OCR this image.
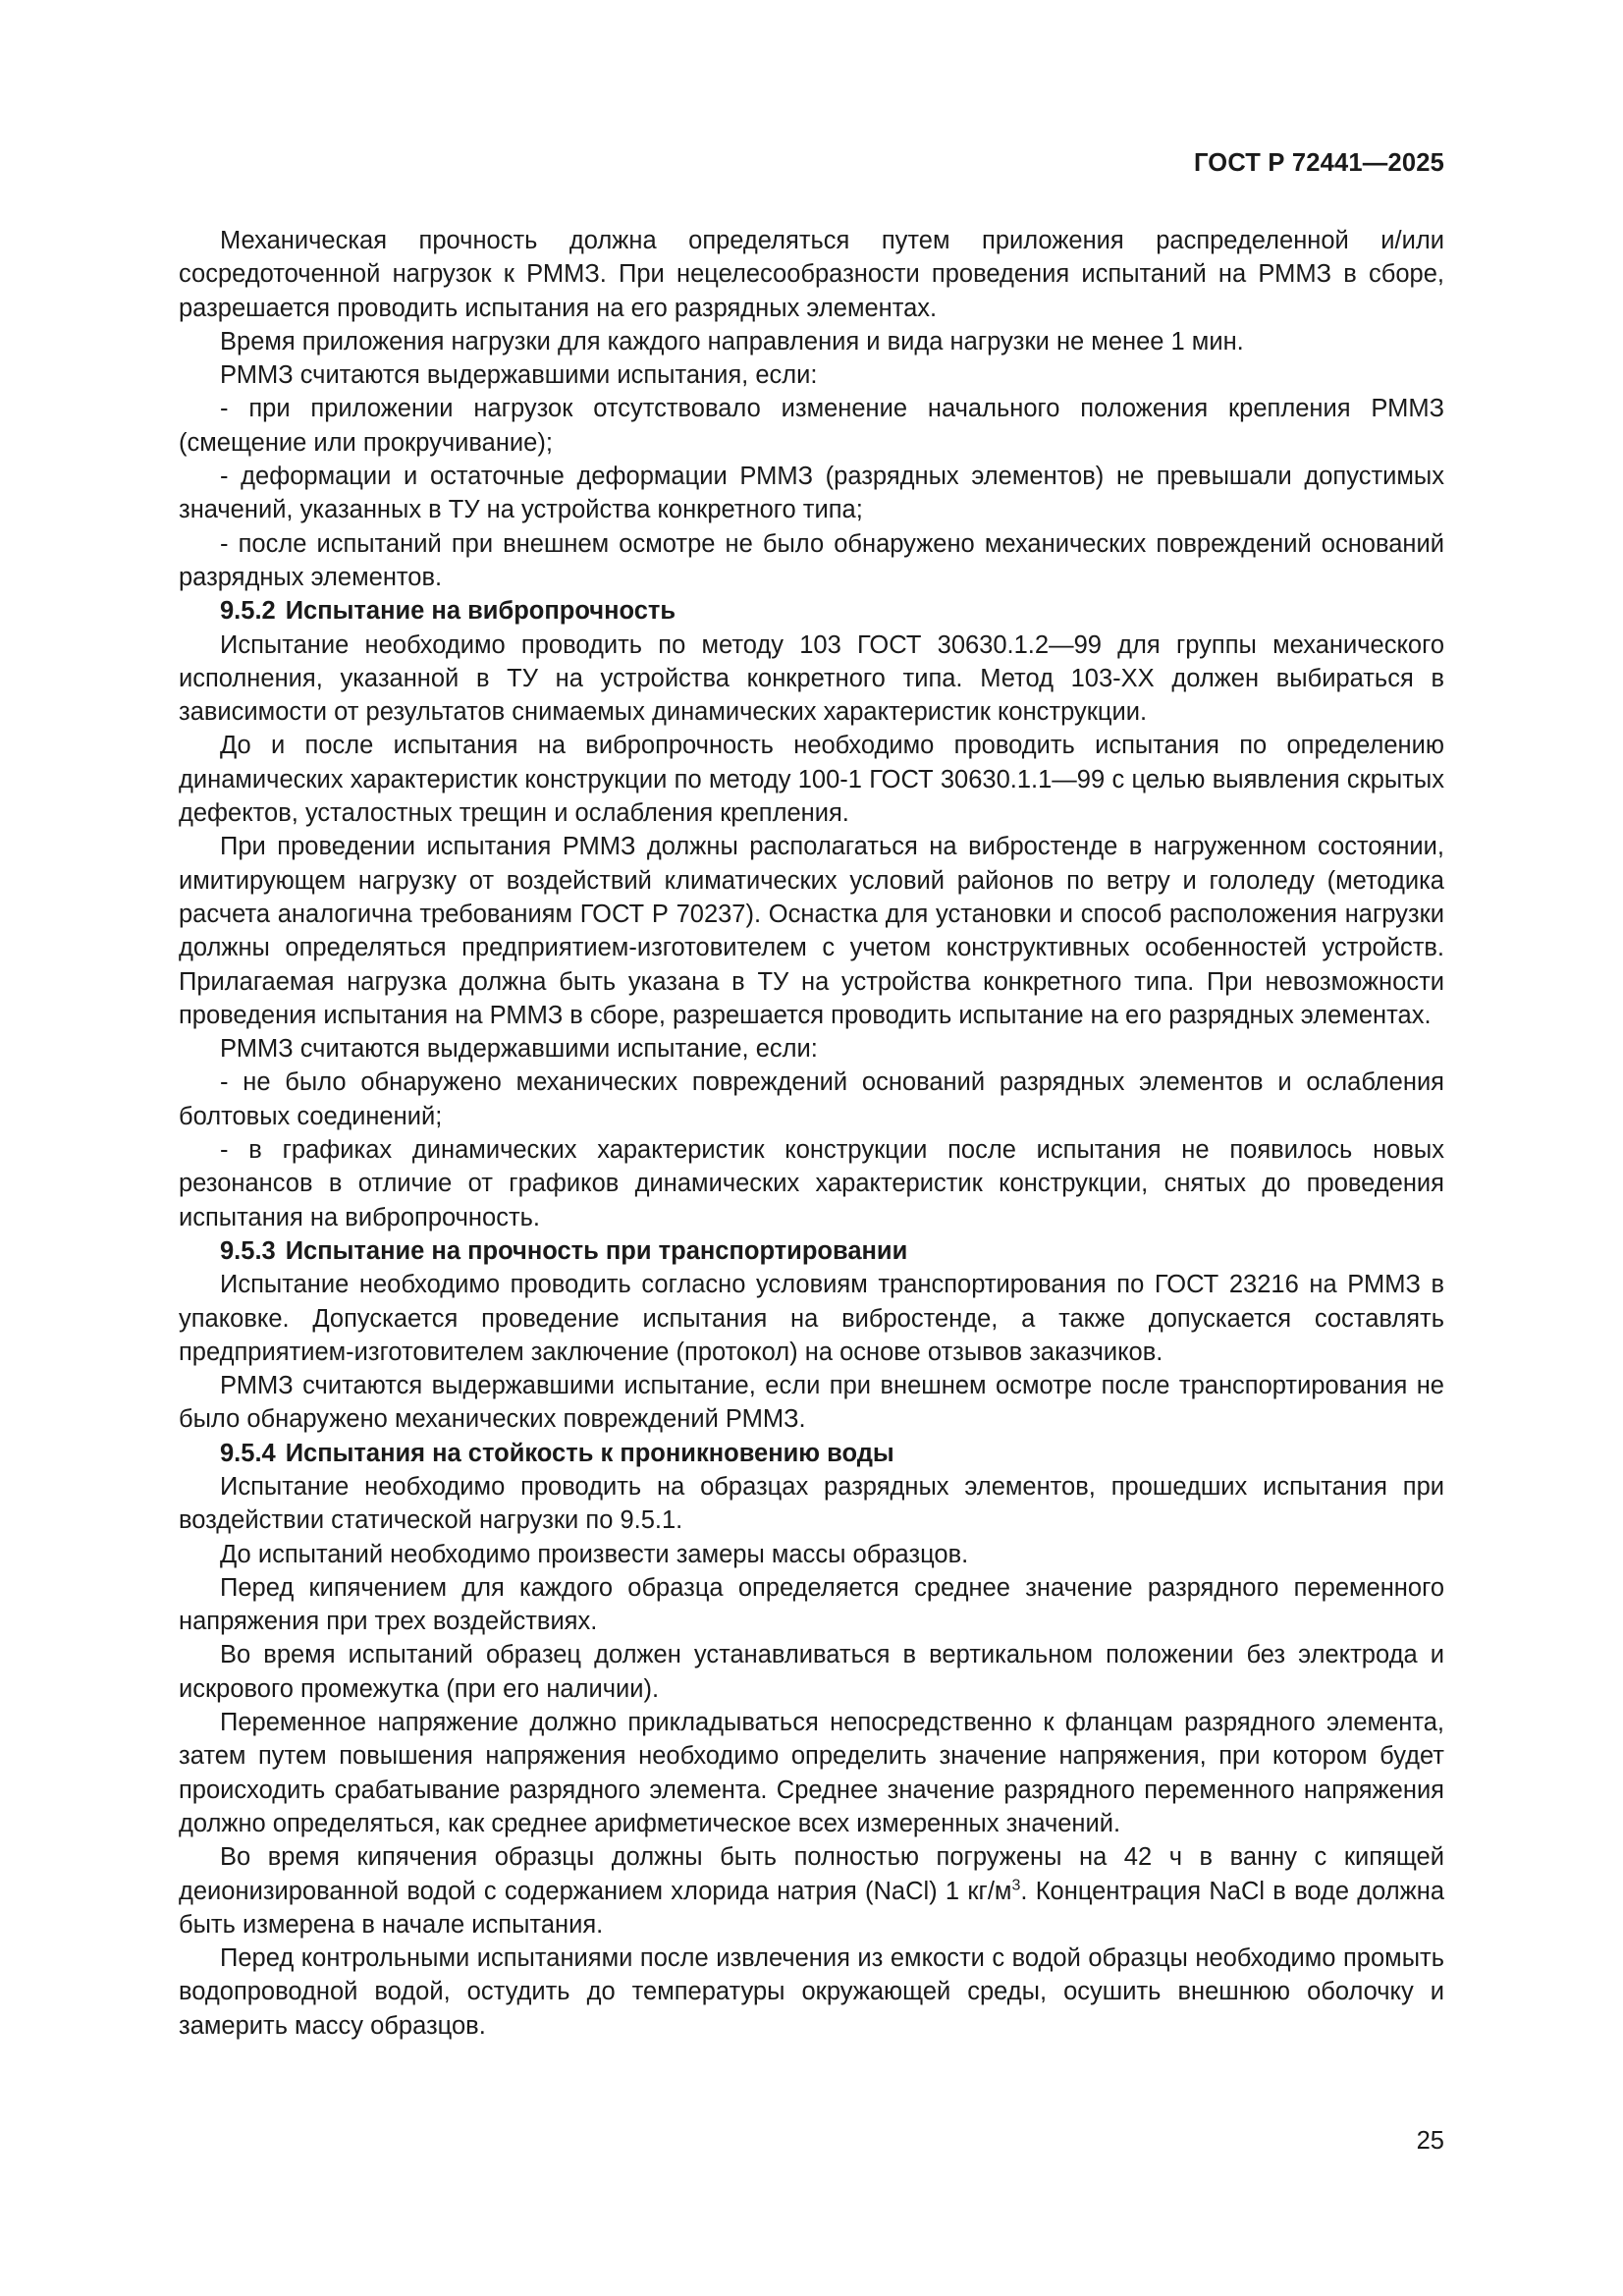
ГОСТ Р 72441—2025

Механическая прочность должна определяться путем приложения распределенной и/или сосредоточенной нагрузок к РММЗ. При нецелесообразности проведения испытаний на РММЗ в сборе, разрешается проводить испытания на его разрядных элементах.

Время приложения нагрузки для каждого направления и вида нагрузки не менее 1 мин.

РММЗ считаются выдержавшими испытания, если:

- при приложении нагрузок отсутствовало изменение начального положения крепления РММЗ (смещение или прокручивание);

- деформации и остаточные деформации РММЗ (разрядных элементов) не превышали допустимых значений, указанных в ТУ на устройства конкретного типа;

- после испытаний при внешнем осмотре не было обнаружено механических повреждений оснований разрядных элементов.

9.5.2 Испытание на вибропрочность

Испытание необходимо проводить по методу 103 ГОСТ 30630.1.2—99 для группы механического исполнения, указанной в ТУ на устройства конкретного типа. Метод 103-ХХ должен выбираться в зависимости от результатов снимаемых динамических характеристик конструкции.

До и после испытания на вибропрочность необходимо проводить испытания по определению динамических характеристик конструкции по методу 100-1 ГОСТ 30630.1.1—99 с целью выявления скрытых дефектов, усталостных трещин и ослабления крепления.

При проведении испытания РММЗ должны располагаться на вибростенде в нагруженном состоянии, имитирующем нагрузку от воздействий климатических условий районов по ветру и гололеду (методика расчета аналогична требованиям ГОСТ Р 70237). Оснастка для установки и способ расположения нагрузки должны определяться предприятием-изготовителем с учетом конструктивных особенностей устройств. Прилагаемая нагрузка должна быть указана в ТУ на устройства конкретного типа. При невозможности проведения испытания на РММЗ в сборе, разрешается проводить испытание на его разрядных элементах.

РММЗ считаются выдержавшими испытание, если:

- не было обнаружено механических повреждений оснований разрядных элементов и ослабления болтовых соединений;

- в графиках динамических характеристик конструкции после испытания не появилось новых резонансов в отличие от графиков динамических характеристик конструкции, снятых до проведения испытания на вибропрочность.

9.5.3 Испытание на прочность при транспортировании

Испытание необходимо проводить согласно условиям транспортирования по ГОСТ 23216 на РММЗ в упаковке. Допускается проведение испытания на вибростенде, а также допускается составлять предприятием-изготовителем заключение (протокол) на основе отзывов заказчиков.

РММЗ считаются выдержавшими испытание, если при внешнем осмотре после транспортирования не было обнаружено механических повреждений РММЗ.

9.5.4 Испытания на стойкость к проникновению воды

Испытание необходимо проводить на образцах разрядных элементов, прошедших испытания при воздействии статической нагрузки по 9.5.1.

До испытаний необходимо произвести замеры массы образцов.

Перед кипячением для каждого образца определяется среднее значение разрядного переменного напряжения при трех воздействиях.

Во время испытаний образец должен устанавливаться в вертикальном положении без электрода и искрового промежутка (при его наличии).

Переменное напряжение должно прикладываться непосредственно к фланцам разрядного элемента, затем путем повышения напряжения необходимо определить значение напряжения, при котором будет происходить срабатывание разрядного элемента. Среднее значение разрядного переменного напряжения должно определяться, как среднее арифметическое всех измеренных значений.

Во время кипячения образцы должны быть полностью погружены на 42 ч в ванну с кипящей деионизированной водой с содержанием хлорида натрия (NaCl) 1 $кг/м^3$. Концентрация NaCl в воде должна быть измерена в начале испытания.

Перед контрольными испытаниями после извлечения из емкости с водой образцы необходимо промыть водопроводной водой, остудить до температуры окружающей среды, осушить внешнюю оболочку и замерить массу образцов.

25
